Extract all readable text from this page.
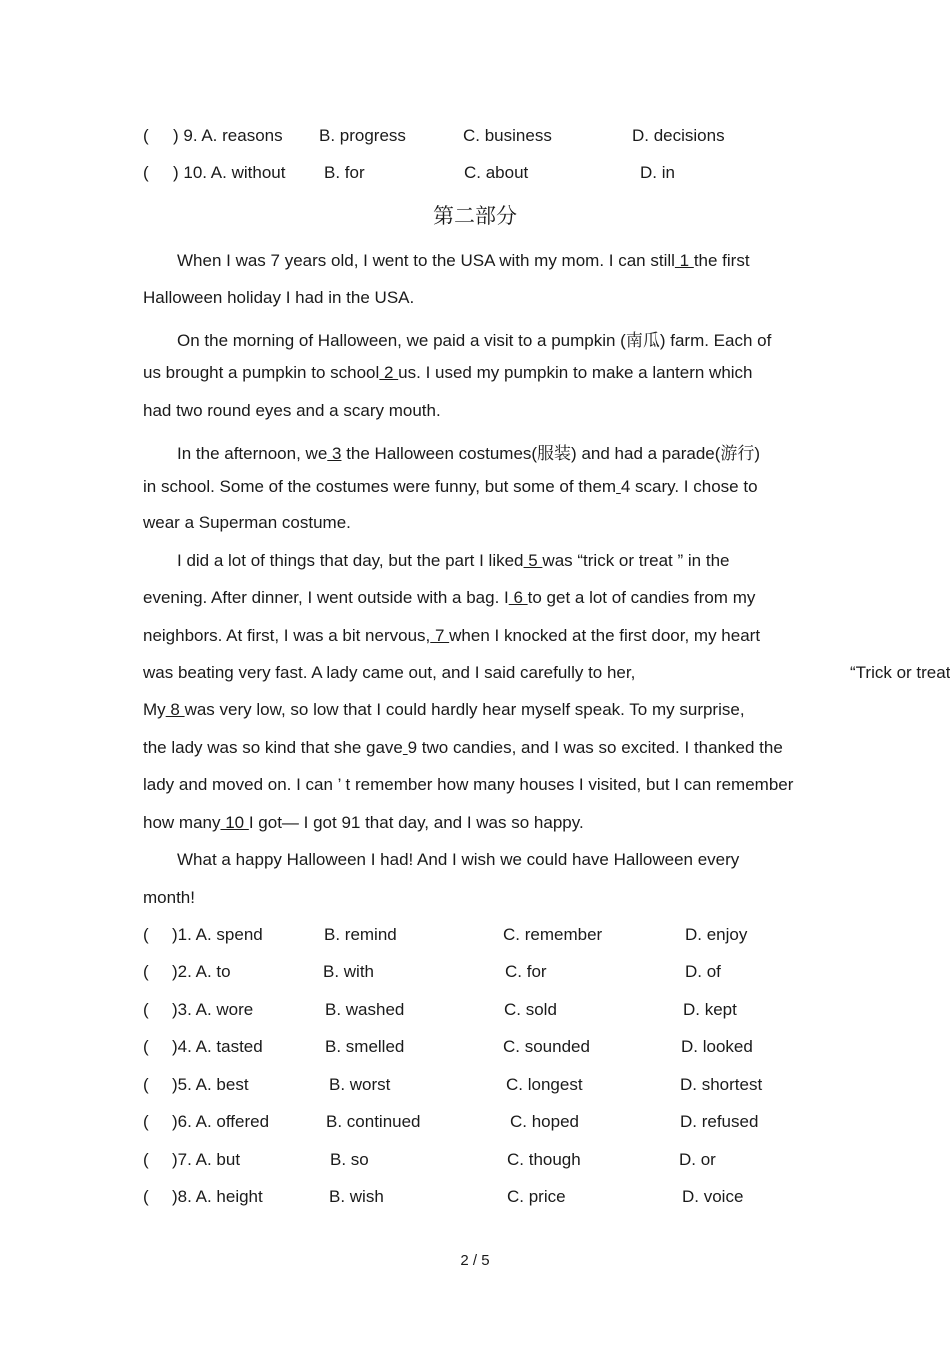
( ) 9. A. reasons B. progress	C. business	D. decisions
( ) 10. A. without B. for	C. about	D. in
第二部分
When I was 7 years old, I went to the USA with my mom. I can still 1 the first
Halloween holiday I had in the USA.
On the morning of Halloween, we paid a visit to a pumpkin (南瓜) farm. Each of
us brought a pumpkin to school 2 us. I used my pumpkin to make a lantern which
had two round eyes and a scary mouth.
In the afternoon, we 3 the Halloween costumes(服装) and had a parade(游行)
in school. Some of the costumes were funny, but some of them 4 scary. I chose to
wear a Superman costume.
I did a lot of things that day, but the part I liked 5 was “trick or treat ” in the
evening. After dinner, I went outside with a bag. I 6 to get a lot of candies from my
neighbors. At first, I was a bit nervous, 7 when I knocked at the first door, my heart
was beating very fast. A lady came out, and I said carefully to her,	“Trick or treat
My 8 was very low, so low that I could hardly hear myself speak. To my surprise,
the lady was so kind that she gave 9 two candies, and I was so excited. I thanked the
lady and moved on. I can ’ t remember how many houses I visited, but I can remember
how many 10 I got— I got 91 that day, and I was so happy.
What a happy Halloween I had! And I wish we could have Halloween every
month!
( )1. A. spend	B. remind	C. remember	D. enjoy
( )2. A. to	B. with	C. for	D. of
( )3. A. wore	B. washed	C. sold	D. kept
( )4. A. tasted	B. smelled	C. sounded	D. looked
( )5. A. best	B. worst	C. longest	D. shortest
( )6. A. offered	B. continued	C. hoped	D. refused
( )7. A. but	B. so	C. though	D. or
( )8. A. height	B. wish	C. price	D. voice
2 / 5
